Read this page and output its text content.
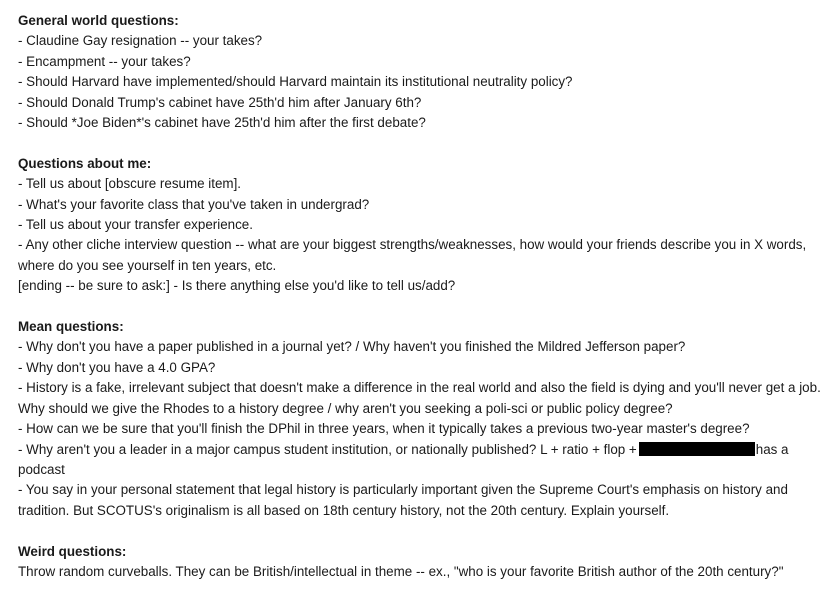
General world questions:
- Claudine Gay resignation -- your takes?
- Encampment -- your takes?
- Should Harvard have implemented/should Harvard maintain its institutional neutrality policy?
- Should Donald Trump's cabinet have 25th'd him after January 6th?
- Should *Joe Biden*'s cabinet have 25th'd him after the first debate?
Questions about me:
- Tell us about [obscure resume item].
- What's your favorite class that you've taken in undergrad?
- Tell us about your transfer experience.
- Any other cliche interview question -- what are your biggest strengths/weaknesses, how would your friends describe you in X words, where do you see yourself in ten years, etc.
[ending -- be sure to ask:] - Is there anything else you'd like to tell us/add?
Mean questions:
- Why don't you have a paper published in a journal yet? / Why haven't you finished the Mildred Jefferson paper?
- Why don't you have a 4.0 GPA?
- History is a fake, irrelevant subject that doesn't make a difference in the real world and also the field is dying and you'll never get a job. Why should we give the Rhodes to a history degree / why aren't you seeking a poli-sci or public policy degree?
- How can we be sure that you'll finish the DPhil in three years, when it typically takes a previous two-year master's degree?
- Why aren't you a leader in a major campus student institution, or nationally published? L + ratio + flop +	has a podcast
- You say in your personal statement that legal history is particularly important given the Supreme Court's emphasis on history and tradition. But SCOTUS's originalism is all based on 18th century history, not the 20th century. Explain yourself.
Weird questions:
Throw random curveballs. They can be British/intellectual in theme -- ex., "who is your favorite British author of the 20th century?"
